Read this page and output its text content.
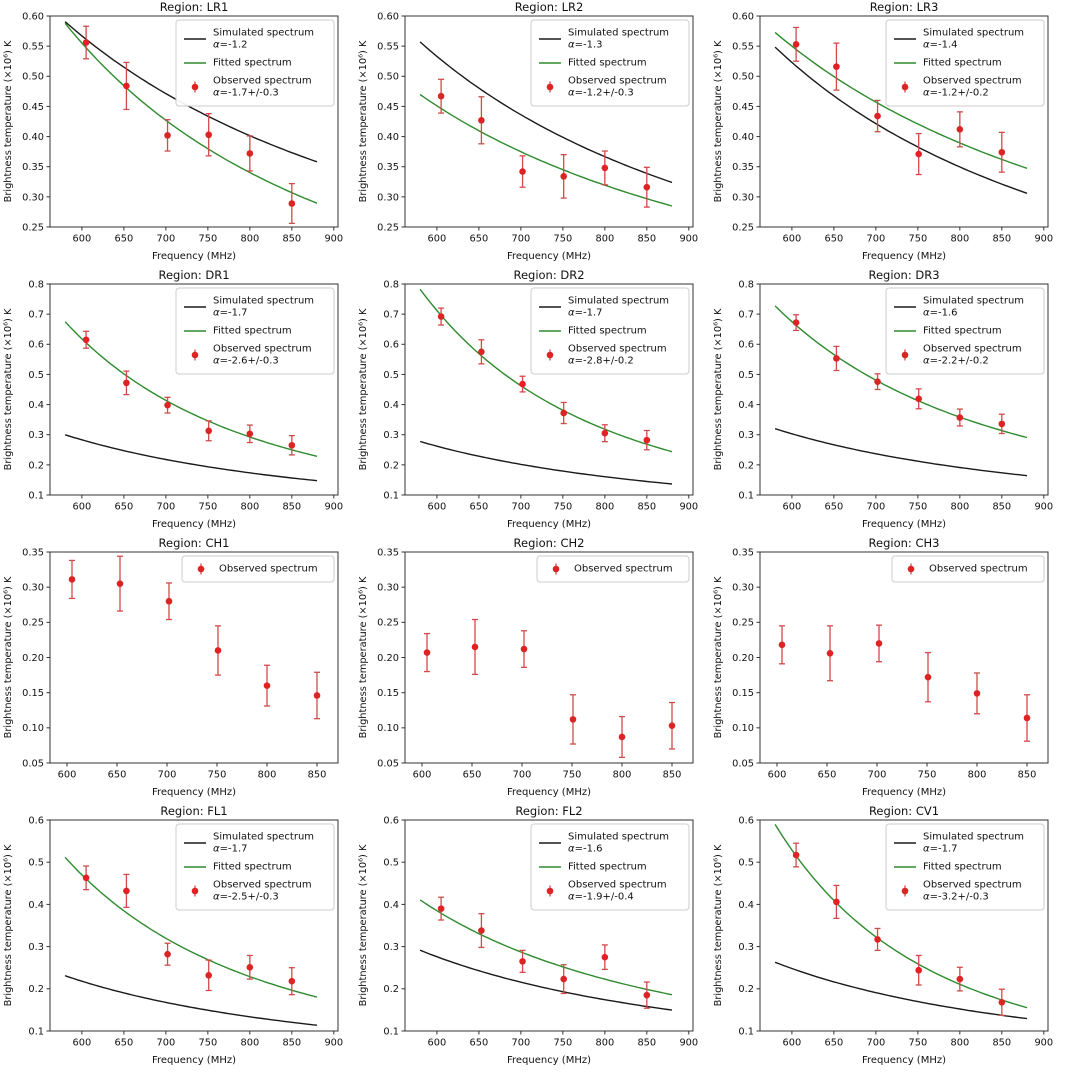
Region: LR1
600 650 700 750 800 850 900
0.25
0.30
0.35
0.40
0.45
0.50
0.55
0.60
Frequency (MHz)
Brightness temperature (×10⁶) K
Simulated spectrum
α=-1.2
Fitted spectrum
Observed spectrum
α=-1.7+/-0.3
Region: LR2
600 650 700 750 800 850 900
0.25
0.30
0.35
0.40
0.45
0.50
0.55
0.60
Frequency (MHz)
Brightness temperature (×10⁶) K
Simulated spectrum
α=-1.3
Fitted spectrum
Observed spectrum
α=-1.2+/-0.3
Region: LR3
600 650 700 750 800 850 900
0.25
0.30
0.35
0.40
0.45
0.50
0.55
0.60
Frequency (MHz)
Brightness temperature (×10⁶) K
Simulated spectrum
α=-1.4
Fitted spectrum
Observed spectrum
α=-1.2+/-0.2
Region: DR1
600 650 700 750 800 850 900
0.1
0.2
0.3
0.4
0.5
0.6
0.7
0.8
Frequency (MHz)
Brightness temperature (×10⁶) K
Simulated spectrum
α=-1.7
Fitted spectrum
Observed spectrum
α=-2.6+/-0.3
Region: DR2
600 650 700 750 800 850 900
0.1
0.2
0.3
0.4
0.5
0.6
0.7
0.8
Frequency (MHz)
Brightness temperature (×10⁶) K
Simulated spectrum
α=-1.7
Fitted spectrum
Observed spectrum
α=-2.8+/-0.2
Region: DR3
600 650 700 750 800 850 900
0.1
0.2
0.3
0.4
0.5
0.6
0.7
0.8
Frequency (MHz)
Brightness temperature (×10⁶) K
Simulated spectrum
α=-1.6
Fitted spectrum
Observed spectrum
α=-2.2+/-0.2
Region: CH1
600	650	700	750	800	850
0.05
0.10
0.15
0.20
0.25
0.30
0.35
Frequency (MHz)
Brightness temperature (×10⁶) K
Observed spectrum
Region: CH2
600	650	700	750	800	850
0.05
0.10
0.15
0.20
0.25
0.30
0.35
Frequency (MHz)
Brightness temperature (×10⁶) K
Observed spectrum
Region: CH3
600	650	700	750	800	850
0.05
0.10
0.15
0.20
0.25
0.30
0.35
Frequency (MHz)
Brightness temperature (×10⁶) K
Observed spectrum
Region: FL1
600 650 700 750 800 850 900
0.1
0.2
0.3
0.4
0.5
0.6
Frequency (MHz)
Brightness temperature (×10⁶) K
Simulated spectrum
α=-1.7
Fitted spectrum
Observed spectrum
α=-2.5+/-0.3
Region: FL2
600 650 700 750 800 850 900
0.1
0.2
0.3
0.4
0.5
0.6
Frequency (MHz)
Brightness temperature (×10⁶) K
Simulated spectrum
α=-1.6
Fitted spectrum
Observed spectrum
α=-1.9+/-0.4
Region: CV1
600 650 700 750 800 850 900
0.1
0.2
0.3
0.4
0.5
0.6
Frequency (MHz)
Brightness temperature (×10⁶) K
Simulated spectrum
α=-1.7
Fitted spectrum
Observed spectrum
α=-3.2+/-0.3
